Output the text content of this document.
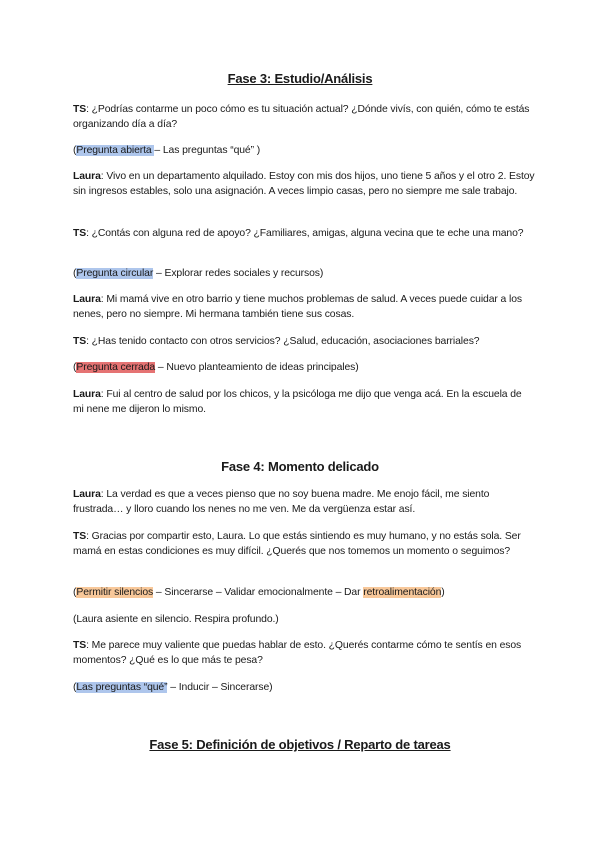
Fase 3: Estudio/Análisis
TS: ¿Podrías contarme un poco cómo es tu situación actual? ¿Dónde vivís, con quién, cómo te estás organizando día a día?
(Pregunta abierta – Las preguntas “qué” )
Laura: Vivo en un departamento alquilado. Estoy con mis dos hijos, uno tiene 5 años y el otro 2. Estoy sin ingresos estables, solo una asignación. A veces limpio casas, pero no siempre me sale trabajo.
TS: ¿Contás con alguna red de apoyo? ¿Familiares, amigas, alguna vecina que te eche una mano?
(Pregunta circular – Explorar redes sociales y recursos)
Laura: Mi mamá vive en otro barrio y tiene muchos problemas de salud. A veces puede cuidar a los nenes, pero no siempre. Mi hermana también tiene sus cosas.
TS: ¿Has tenido contacto con otros servicios? ¿Salud, educación, asociaciones barriales?
(Pregunta cerrada – Nuevo planteamiento de ideas principales)
Laura: Fui al centro de salud por los chicos, y la psicóloga me dijo que venga acá. En la escuela de mi nene me dijeron lo mismo.
Fase 4: Momento delicado
Laura: La verdad es que a veces pienso que no soy buena madre. Me enojo fácil, me siento frustrada… y lloro cuando los nenes no me ven. Me da vergüenza estar así.
TS: Gracias por compartir esto, Laura. Lo que estás sintiendo es muy humano, y no estás sola. Ser mamá en estas condiciones es muy difícil. ¿Querés que nos tomemos un momento o seguimos?
(Permitir silencios – Sincerarse – Validar emocionalmente – Dar retroalimentación)
(Laura asiente en silencio. Respira profundo.)
TS: Me parece muy valiente que puedas hablar de esto. ¿Querés contarme cómo te sentís en esos momentos? ¿Qué es lo que más te pesa?
(Las preguntas “qué” – Inducir – Sincerarse)
Fase 5: Definición de objetivos / Reparto de tareas
